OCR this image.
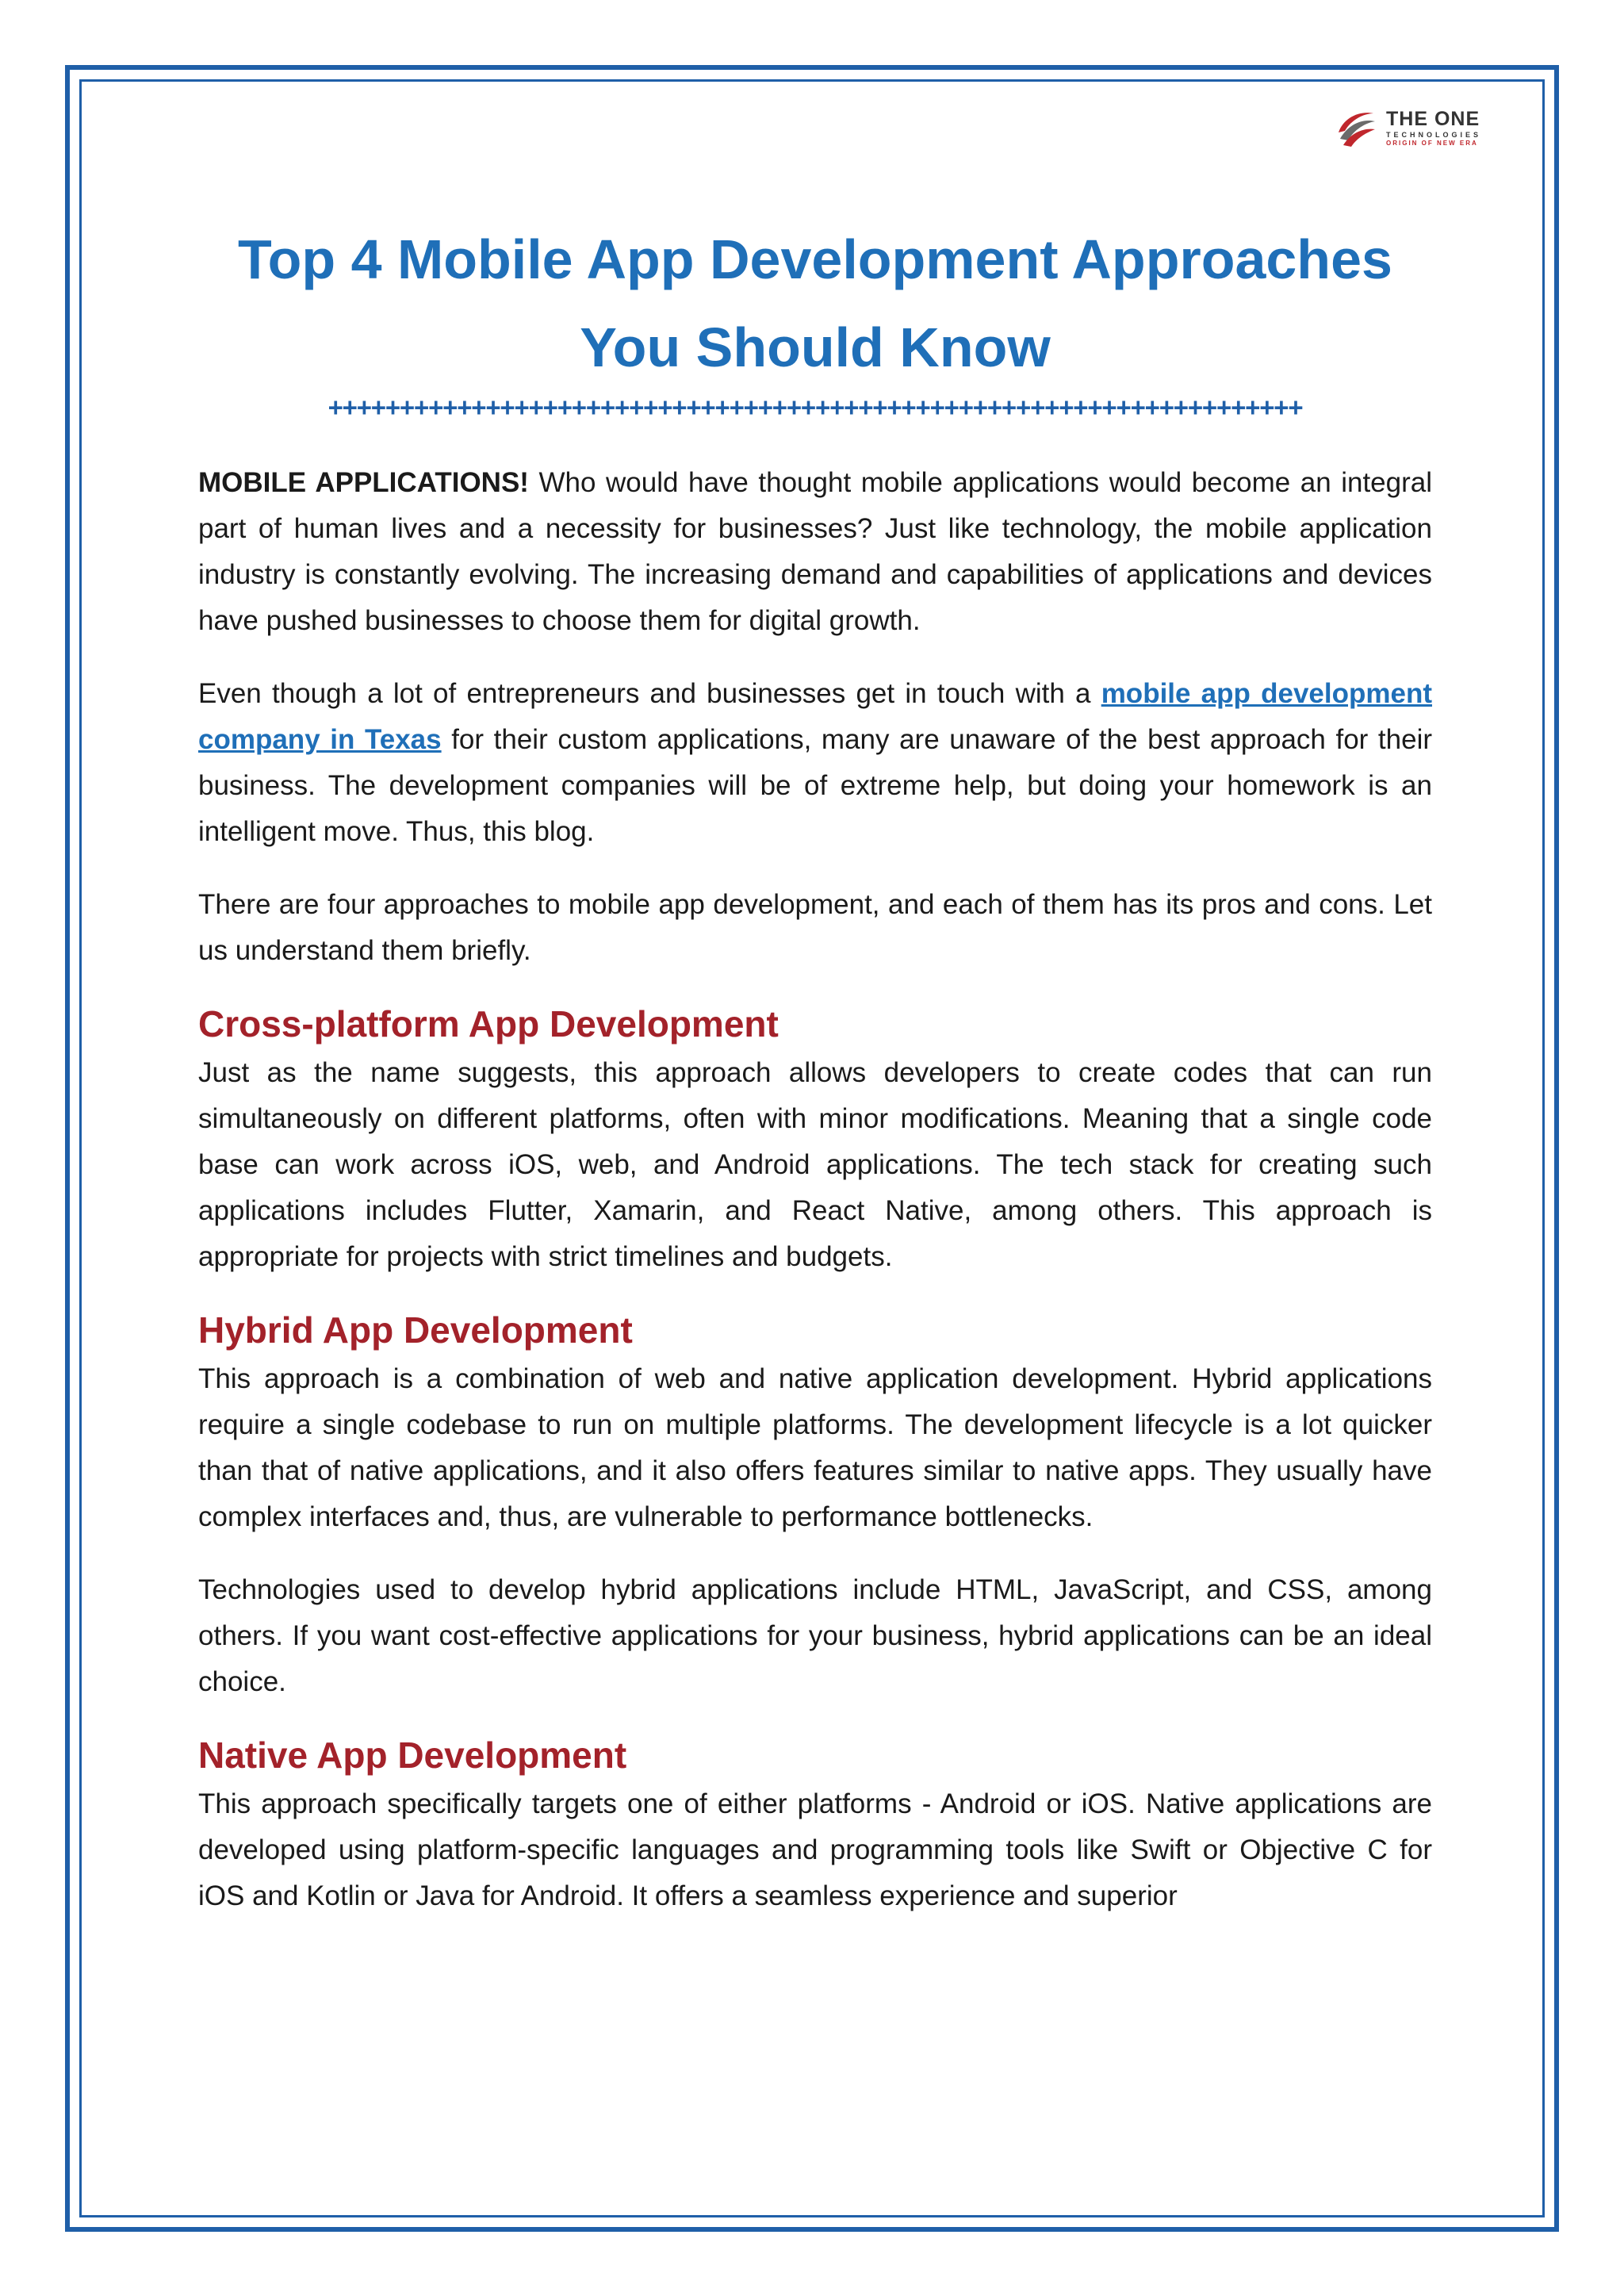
THE ONE
TECHNOLOGIES
ORIGIN OF NEW ERA
Top 4 Mobile App Development Approaches
You Should Know
++++++++++++++++++++++++++++++++++++++++++++++++++++++++++++++++++++

MOBILE APPLICATIONS! Who would have thought mobile applications would become an integral part of human lives and a necessity for businesses? Just like technology, the mobile application industry is constantly evolving. The increasing demand and capabilities of applications and devices have pushed businesses to choose them for digital growth.

Even though a lot of entrepreneurs and businesses get in touch with a mobile app development company in Texas for their custom applications, many are unaware of the best approach for their business. The development companies will be of extreme help, but doing your homework is an intelligent move. Thus, this blog.

There are four approaches to mobile app development, and each of them has its pros and cons. Let us understand them briefly.

Cross-platform App Development

Just as the name suggests, this approach allows developers to create codes that can run simultaneously on different platforms, often with minor modifications. Meaning that a single code base can work across iOS, web, and Android applications. The tech stack for creating such applications includes Flutter, Xamarin, and React Native, among others. This approach is appropriate for projects with strict timelines and budgets.

Hybrid App Development

This approach is a combination of web and native application development. Hybrid applications require a single codebase to run on multiple platforms. The development lifecycle is a lot quicker than that of native applications, and it also offers features similar to native apps. They usually have complex interfaces and, thus, are vulnerable to performance bottlenecks.

Technologies used to develop hybrid applications include HTML, JavaScript, and CSS, among others. If you want cost-effective applications for your business, hybrid applications can be an ideal choice.

Native App Development

This approach specifically targets one of either platforms - Android or iOS. Native applications are developed using platform-specific languages and programming tools like Swift or Objective C for iOS and Kotlin or Java for Android. It offers a seamless experience and superior
